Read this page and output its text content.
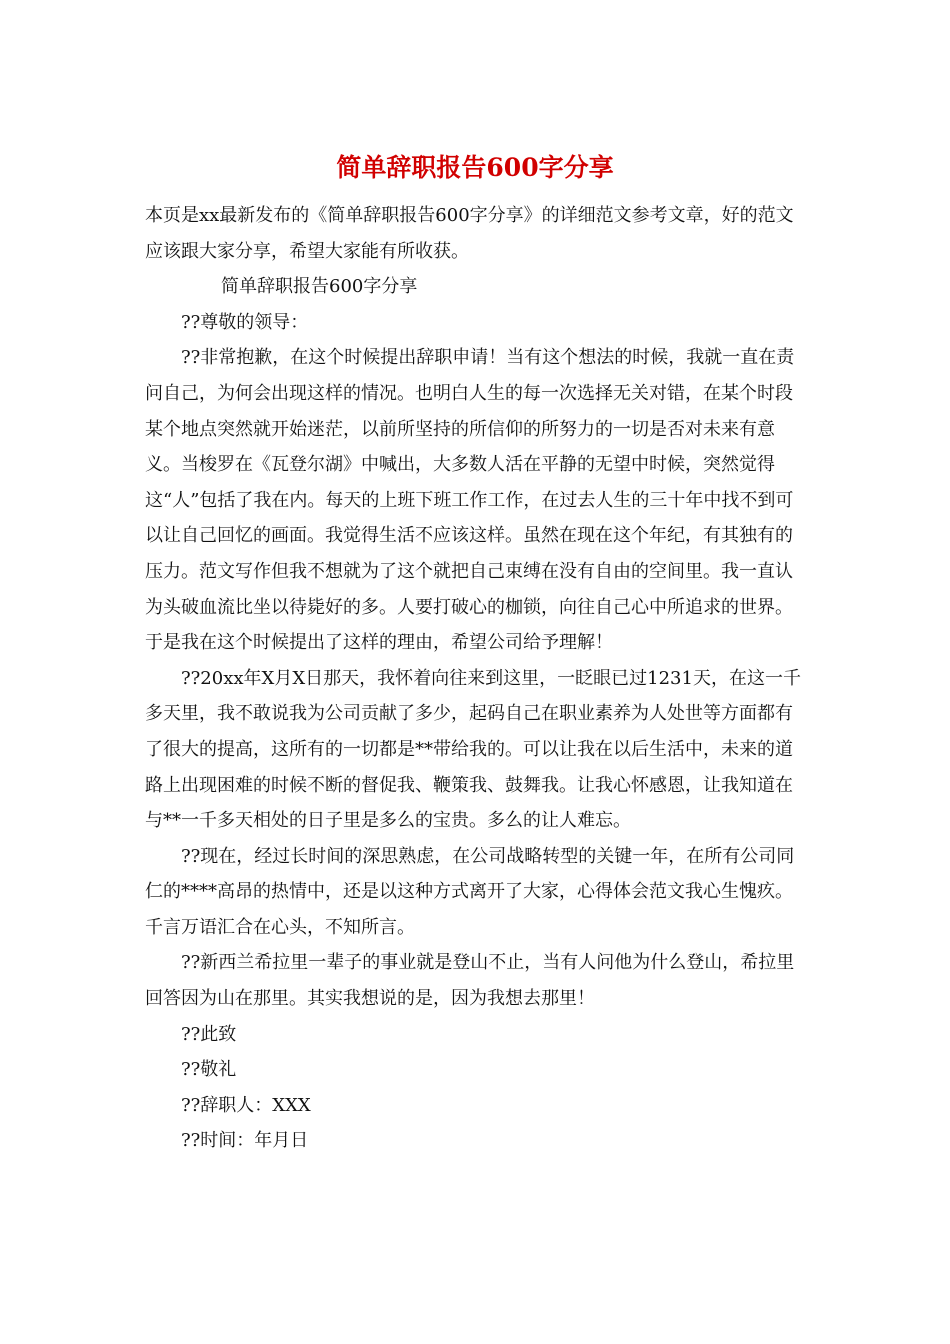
简单辞职报告600字分享

本页是xx最新发布的《简单辞职报告600字分享》的详细范文参考文章，好的范文应该跟大家分享，希望大家能有所收获。

简单辞职报告600字分享

??尊敬的领导：

??非常抱歉，在这个时候提出辞职申请！当有这个想法的时候，我就一直在责问自己，为何会出现这样的情况。也明白人生的每一次选择无关对错，在某个时段某个地点突然就开始迷茫，以前所坚持的所信仰的所努力的一切是否对未来有意义。当梭罗在《瓦登尔湖》中喊出，大多数人活在平静的无望中时候，突然觉得这“人”包括了我在内。每天的上班下班工作工作，在过去人生的三十年中找不到可以让自己回忆的画面。我觉得生活不应该这样。虽然在现在这个年纪，有其独有的压力。范文写作但我不想就为了这个就把自己束缚在没有自由的空间里。我一直认为头破血流比坐以待毙好的多。人要打破心的枷锁，向往自己心中所追求的世界。于是我在这个时候提出了这样的理由，希望公司给予理解！

??20xx年X月X日那天，我怀着向往来到这里，一眨眼已过1231天，在这一千多天里，我不敢说我为公司贡献了多少，起码自己在职业素养为人处世等方面都有了很大的提高，这所有的一切都是**带给我的。可以让我在以后生活中，未来的道路上出现困难的时候不断的督促我、鞭策我、鼓舞我。让我心怀感恩，让我知道在与**一千多天相处的日子里是多么的宝贵。多么的让人难忘。

??现在，经过长时间的深思熟虑，在公司战略转型的关键一年，在所有公司同仁的****高昂的热情中，还是以这种方式离开了大家，心得体会范文我心生愧疚。千言万语汇合在心头，不知所言。

??新西兰希拉里一辈子的事业就是登山不止，当有人问他为什么登山，希拉里回答因为山在那里。其实我想说的是，因为我想去那里！

??此致

??敬礼

??辞职人：XXX

??时间：年月日
